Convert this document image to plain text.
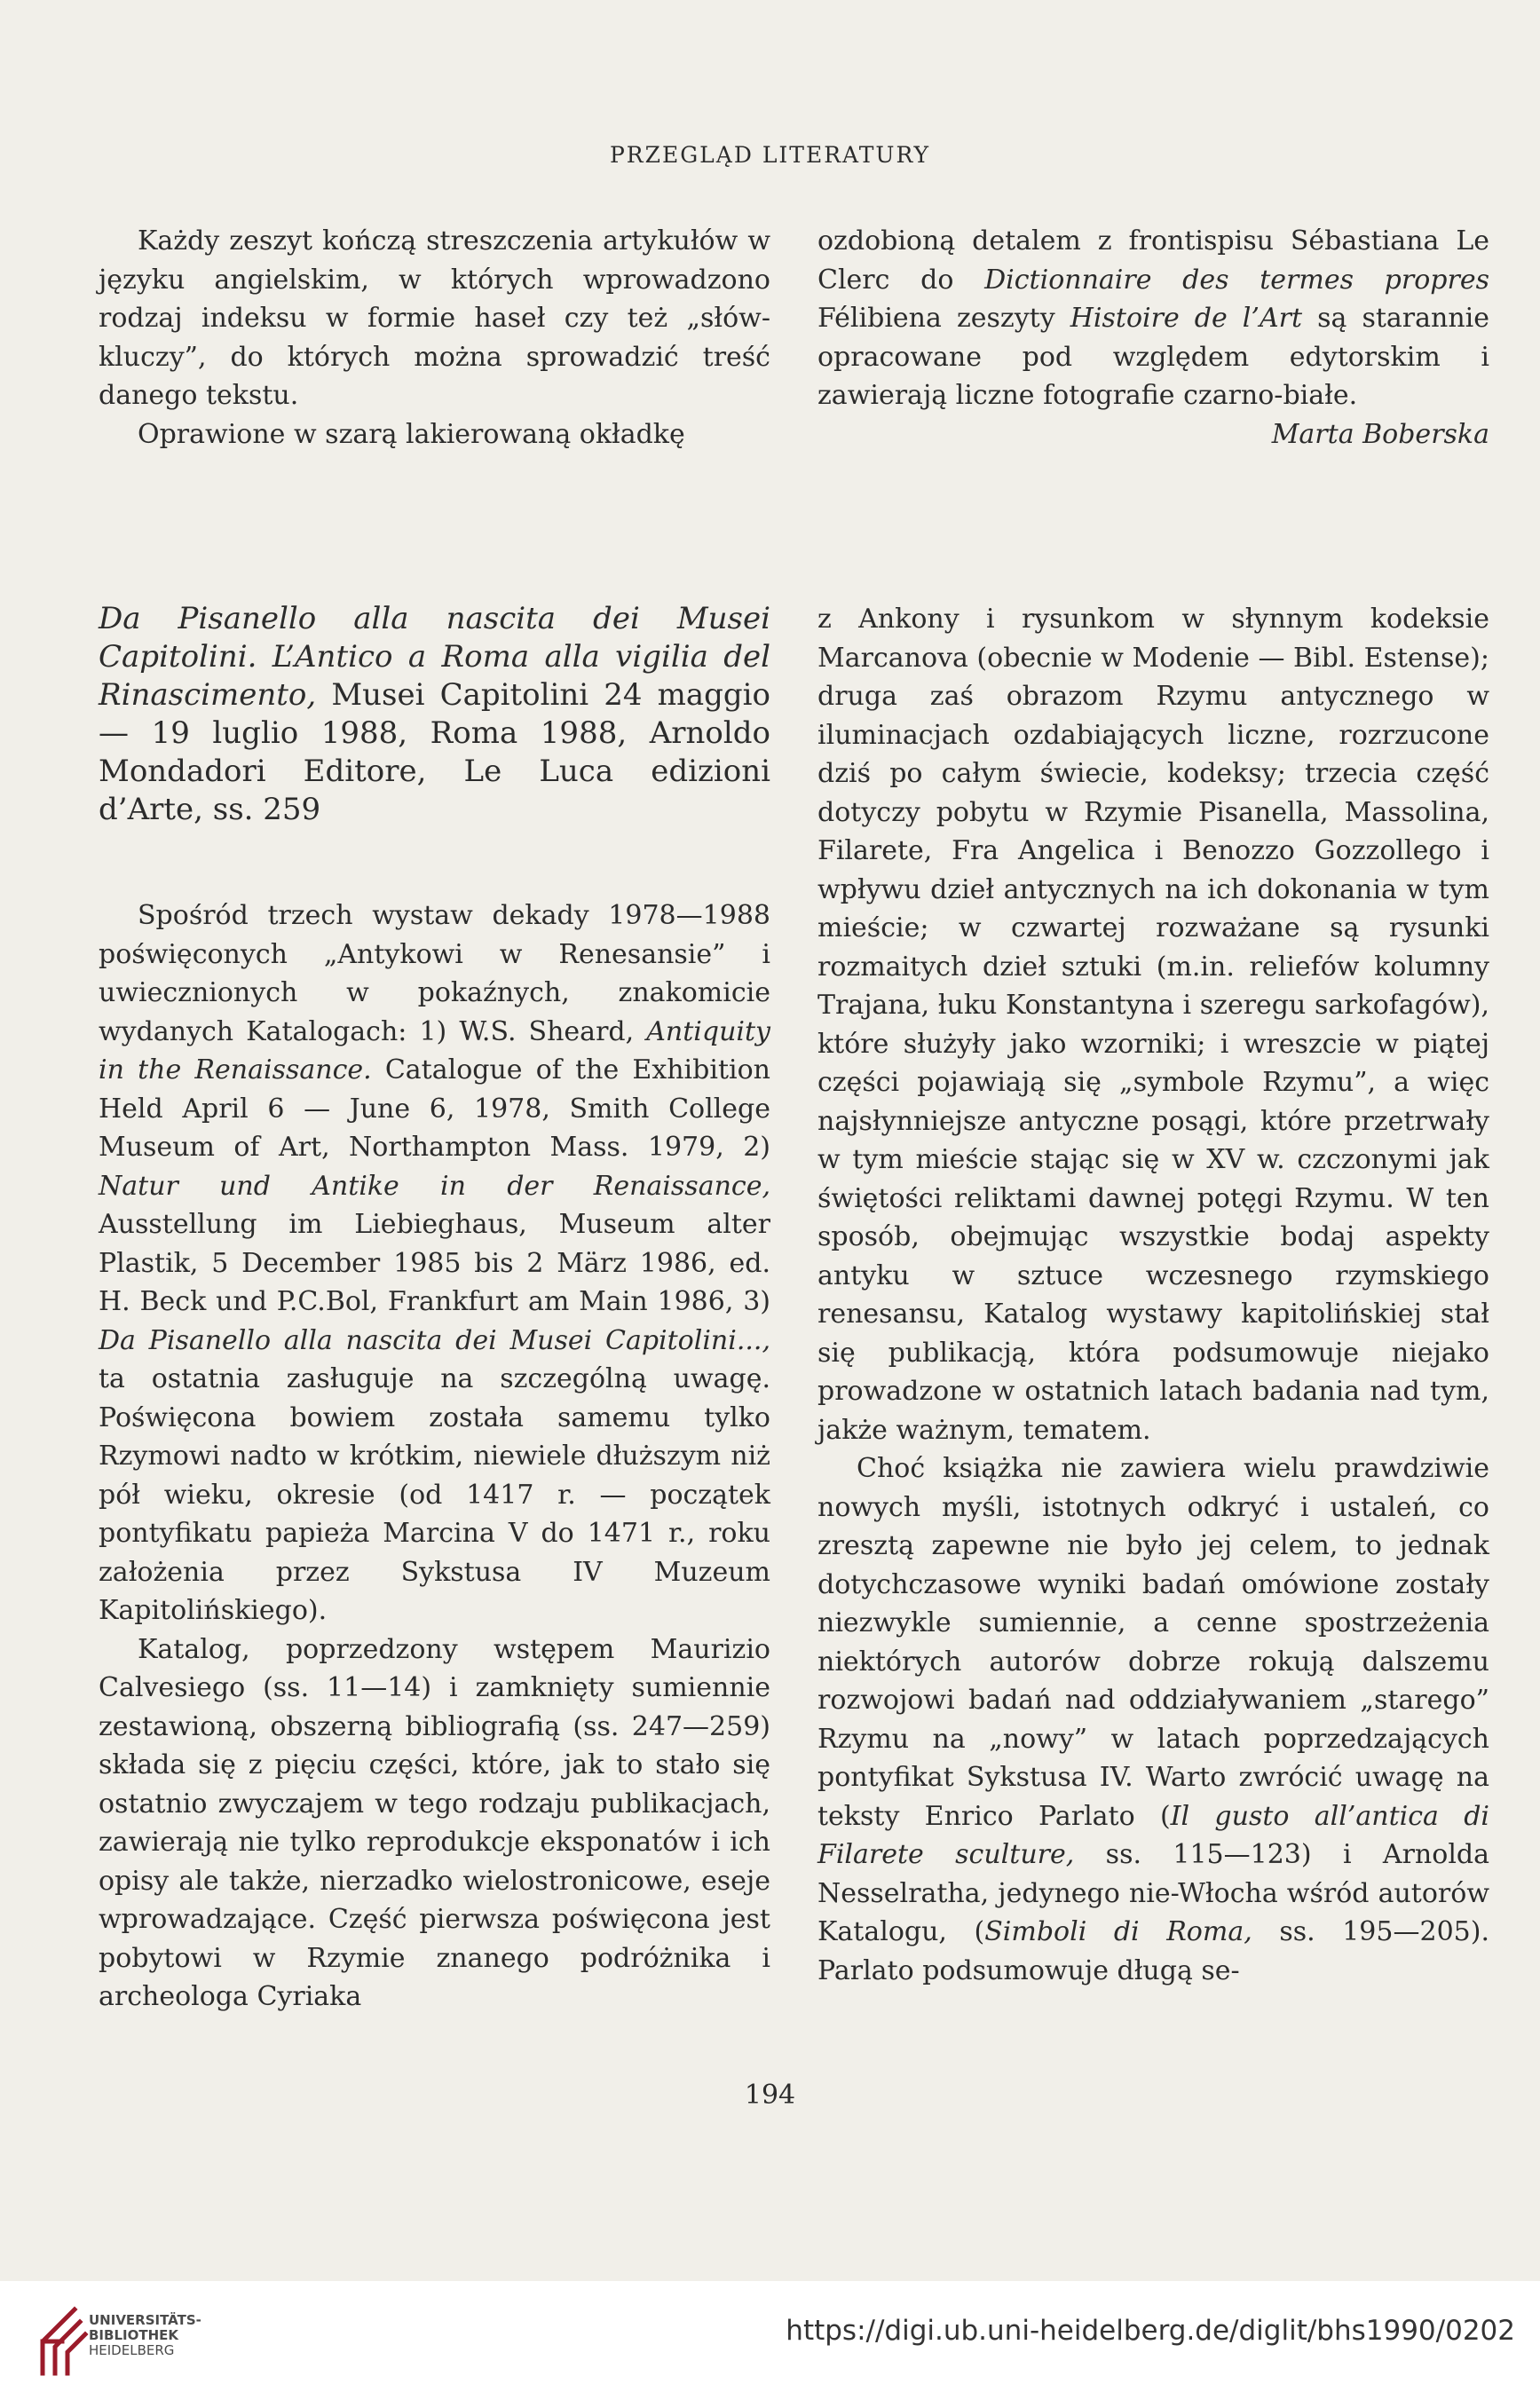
PRZEGLĄD LITERATURY

Każdy zeszyt kończą streszczenia artykułów w języku angielskim, w których wprowadzono rodzaj indeksu w formie haseł czy też „słów-kluczy”, do których można sprowadzić treść danego tekstu.

Oprawione w szarą lakierowaną okładkę

ozdobioną detalem z frontispisu Sébastiana Le Clerc do Dictionnaire des termes propres Félibiena zeszyty Histoire de l’Art są starannie opracowane pod względem edytorskim i zawierają liczne fotografie czarno-białe.

Marta Boberska

Da Pisanello alla nascita dei Musei Capitolini. L’Antico a Roma alla vigilia del Rinascimento, Musei Capitolini 24 maggio — 19 luglio 1988, Roma 1988, Arnoldo Mondadori Editore, Le Luca edizioni d’Arte, ss. 259

Spośród trzech wystaw dekady 1978—1988 poświęconych „Antykowi w Renesansie” i uwiecznionych w pokaźnych, znakomicie wydanych Katalogach: 1) W.S. Sheard, Antiquity in the Renaissance. Catalogue of the Exhibition Held April 6 — June 6, 1978, Smith College Museum of Art, Northampton Mass. 1979, 2) Natur und Antike in der Renaissance, Ausstellung im Liebieghaus, Museum alter Plastik, 5 December 1985 bis 2 März 1986, ed. H. Beck und P.C.Bol, Frankfurt am Main 1986, 3) Da Pisanello alla nascita dei Musei Capitolini..., ta ostatnia zasługuje na szczególną uwagę. Poświęcona bowiem została samemu tylko Rzymowi nadto w krótkim, niewiele dłuższym niż pół wieku, okresie (od 1417 r. — początek pontyfikatu papieża Marcina V do 1471 r., roku założenia przez Sykstusa IV Muzeum Kapitolińskiego).

Katalog, poprzedzony wstępem Maurizio Calvesiego (ss. 11—14) i zamknięty sumiennie zestawioną, obszerną bibliografią (ss. 247—259) składa się z pięciu części, które, jak to stało się ostatnio zwyczajem w tego rodzaju publikacjach, zawierają nie tylko reprodukcje eksponatów i ich opisy ale także, nierzadko wielostronicowe, eseje wprowadzające. Część pierwsza poświęcona jest pobytowi w Rzymie znanego podróżnika i archeologa Cyriaka

z Ankony i rysunkom w słynnym kodeksie Marcanova (obecnie w Modenie — Bibl. Estense); druga zaś obrazom Rzymu antycznego w iluminacjach ozdabiających liczne, rozrzucone dziś po całym świecie, kodeksy; trzecia część dotyczy pobytu w Rzymie Pisanella, Massolina, Filarete, Fra Angelica i Benozzo Gozzollego i wpływu dzieł antycznych na ich dokonania w tym mieście; w czwartej rozważane są rysunki rozmaitych dzieł sztuki (m.in. reliefów kolumny Trajana, łuku Konstantyna i szeregu sarkofagów), które służyły jako wzorniki; i wreszcie w piątej części pojawiają się „symbole Rzymu”, a więc najsłynniejsze antyczne posągi, które przetrwały w tym mieście stając się w XV w. czczonymi jak świętości reliktami dawnej potęgi Rzymu. W ten sposób, obejmując wszystkie bodaj aspekty antyku w sztuce wczesnego rzymskiego renesansu, Katalog wystawy kapitolińskiej stał się publikacją, która podsumowuje niejako prowadzone w ostatnich latach badania nad tym, jakże ważnym, tematem.

Choć książka nie zawiera wielu prawdziwie nowych myśli, istotnych odkryć i ustaleń, co zresztą zapewne nie było jej celem, to jednak dotychczasowe wyniki badań omówione zostały niezwykle sumiennie, a cenne spostrzeżenia niektórych autorów dobrze rokują dalszemu rozwojowi badań nad oddziaływaniem „starego” Rzymu na „nowy” w latach poprzedzających pontyfikat Sykstusa IV. Warto zwrócić uwagę na teksty Enrico Parlato (Il gusto all’antica di Filarete sculture, ss. 115—123) i Arnolda Nesselratha, jedynego nie-Włocha wśród autorów Katalogu, (Simboli di Roma, ss. 195—205). Parlato podsumowuje długą se-

194
UNIVERSITÄTS-
BIBLIOTHEK
HEIDELBERG
https://digi.ub.uni-heidelberg.de/diglit/bhs1990/0202
